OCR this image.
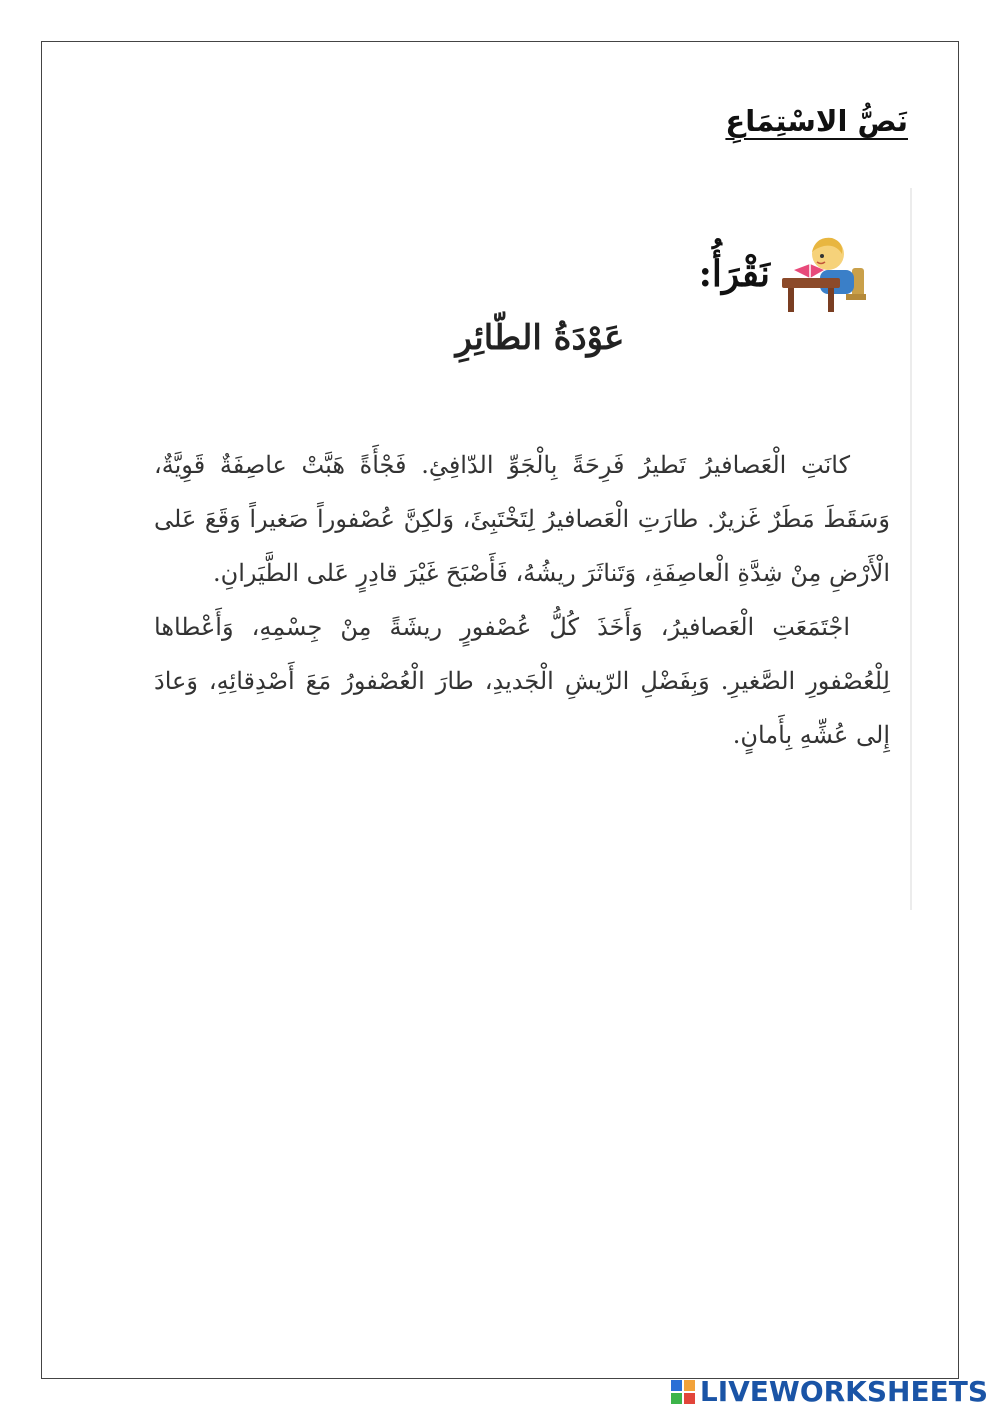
نَصُّ الاسْتِمَاعِ
نَقْرَأُ:
عَوْدَةُ الطّائِرِ

كانَتِ الْعَصافيرُ تَطيرُ فَرِحَةً بِالْجَوِّ الدّافِئِ. فَجْأَةً هَبَّتْ عاصِفَةٌ قَوِيَّةٌ، وَسَقَطَ مَطَرٌ غَزيرٌ. طارَتِ الْعَصافيرُ لِتَخْتَبِئَ، وَلكِنَّ عُصْفوراً صَغيراً وَقَعَ عَلى الْأَرْضِ مِنْ شِدَّةِ الْعاصِفَةِ، وَتَناثَرَ ريشُهُ، فَأَصْبَحَ غَيْرَ قادِرٍ عَلى الطَّيَرانِ.

اجْتَمَعَتِ الْعَصافيرُ، وَأَخَذَ كُلُّ عُصْفورٍ ريشَةً مِنْ جِسْمِهِ، وَأَعْطاها لِلْعُصْفورِ الصَّغيرِ. وَبِفَضْلِ الرّيشِ الْجَديدِ، طارَ الْعُصْفورُ مَعَ أَصْدِقائِهِ، وَعادَ إِلى عُشِّهِ بِأَمانٍ.

LIVEWORKSHEETS
